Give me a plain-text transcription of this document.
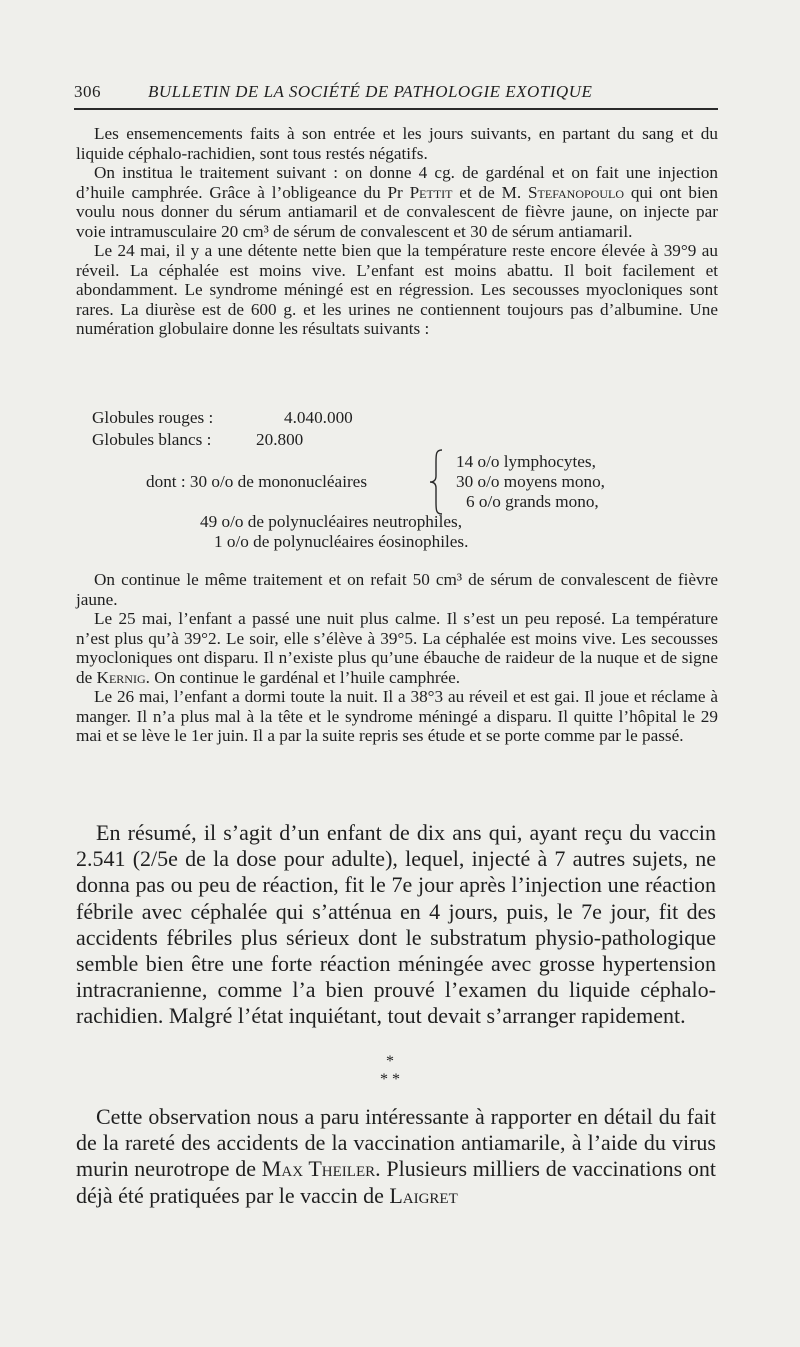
306	BULLETIN DE LA SOCIÉTÉ DE PATHOLOGIE EXOTIQUE

Les ensemencements faits à son entrée et les jours suivants, en partant du sang et du liquide céphalo-rachidien, sont tous restés négatifs.

On institua le traitement suivant : on donne 4 cg. de gardénal et on fait une injection d’huile camphrée. Grâce à l’obligeance du Pr Pettit et de M. Stefanopoulo qui ont bien voulu nous donner du sérum antiamaril et de convalescent de fièvre jaune, on injecte par voie intramusculaire 20 cm³ de sérum de convalescent et 30 de sérum antiamaril.

Le 24 mai, il y a une détente nette bien que la température reste encore élevée à 39°9 au réveil. La céphalée est moins vive. L’enfant est moins abattu. Il boit facilement et abondamment. Le syndrome méningé est en régression. Les secousses myocloniques sont rares. La diurèse est de 600 g. et les urines ne contiennent toujours pas d’albumine. Une numération globulaire donne les résultats suivants :

Globules rouges :	4.040.000
Globules blancs :	20.800
14 o/o lymphocytes,
dont : 30 o/o de mononucléaires	30 o/o moyens mono,
6 o/o grands mono,
49 o/o de polynucléaires neutrophiles,
1 o/o de polynucléaires éosinophiles.

On continue le même traitement et on refait 50 cm³ de sérum de convalescent de fièvre jaune.

Le 25 mai, l’enfant a passé une nuit plus calme. Il s’est un peu reposé. La température n’est plus qu’à 39°2. Le soir, elle s’élève à 39°5. La céphalée est moins vive. Les secousses myocloniques ont disparu. Il n’existe plus qu’une ébauche de raideur de la nuque et de signe de Kernig. On continue le gardénal et l’huile camphrée.

Le 26 mai, l’enfant a dormi toute la nuit. Il a 38°3 au réveil et est gai. Il joue et réclame à manger. Il n’a plus mal à la tête et le syndrome méningé a disparu. Il quitte l’hôpital le 29 mai et se lève le 1er juin. Il a par la suite repris ses étude et se porte comme par le passé.

En résumé, il s’agit d’un enfant de dix ans qui, ayant reçu du vaccin 2.541 (2/5e de la dose pour adulte), lequel, injecté à 7 autres sujets, ne donna pas ou peu de réaction, fit le 7e jour après l’injection une réaction fébrile avec céphalée qui s’atténua en 4 jours, puis, le 7e jour, fit des accidents fébriles plus sérieux dont le substratum physio-pathologique semble bien être une forte réaction méningée avec grosse hypertension intracranienne, comme l’a bien prouvé l’examen du liquide céphalo-rachidien. Malgré l’état inquiétant, tout devait s’arranger rapidement.

*
* *

Cette observation nous a paru intéressante à rapporter en détail du fait de la rareté des accidents de la vaccination antiamarile, à l’aide du virus murin neurotrope de Max Theiler. Plusieurs milliers de vaccinations ont déjà été pratiquées par le vaccin de Laigret
